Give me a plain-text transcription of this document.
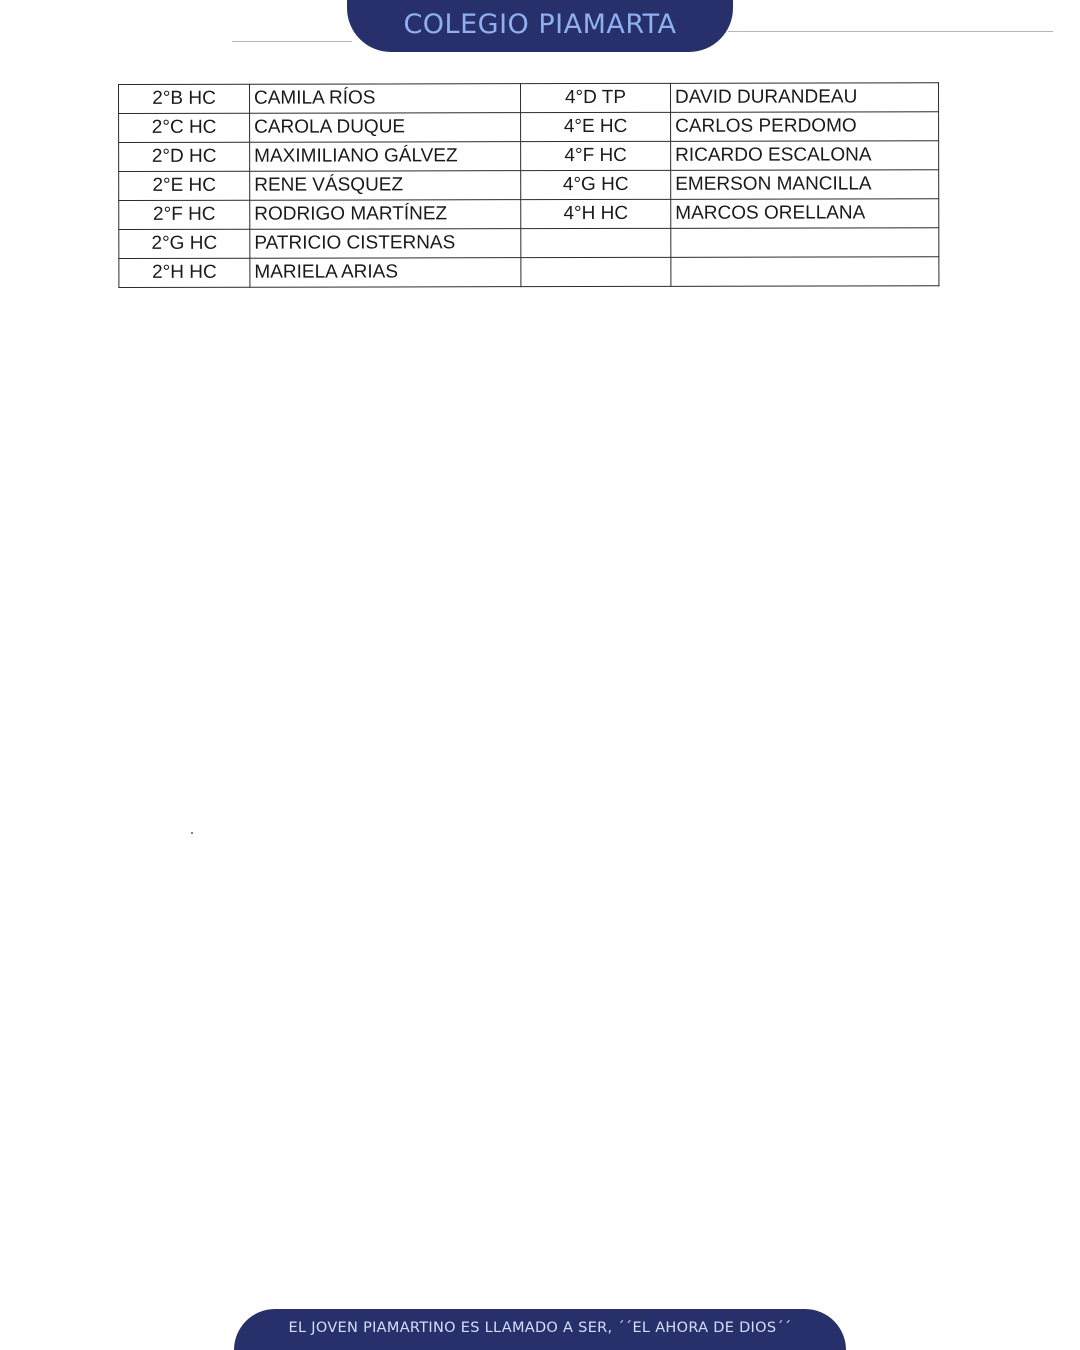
COLEGIO PIAMARTA
2°B HC	CAMILA RÍOS	4°D TP	DAVID DURANDEAU
2°C HC	CAROLA DUQUE	4°E HC	CARLOS PERDOMO
2°D HC	MAXIMILIANO GÁLVEZ	4°F HC	RICARDO ESCALONA
2°E HC	RENE VÁSQUEZ	4°G HC	EMERSON MANCILLA
2°F HC	RODRIGO MARTÍNEZ	4°H HC	MARCOS ORELLANA
2°G HC	PATRICIO CISTERNAS		
2°H HC	MARIELA ARIAS		
EL JOVEN PIAMARTINO ES LLAMADO A SER, ´´EL AHORA DE DIOS´´
